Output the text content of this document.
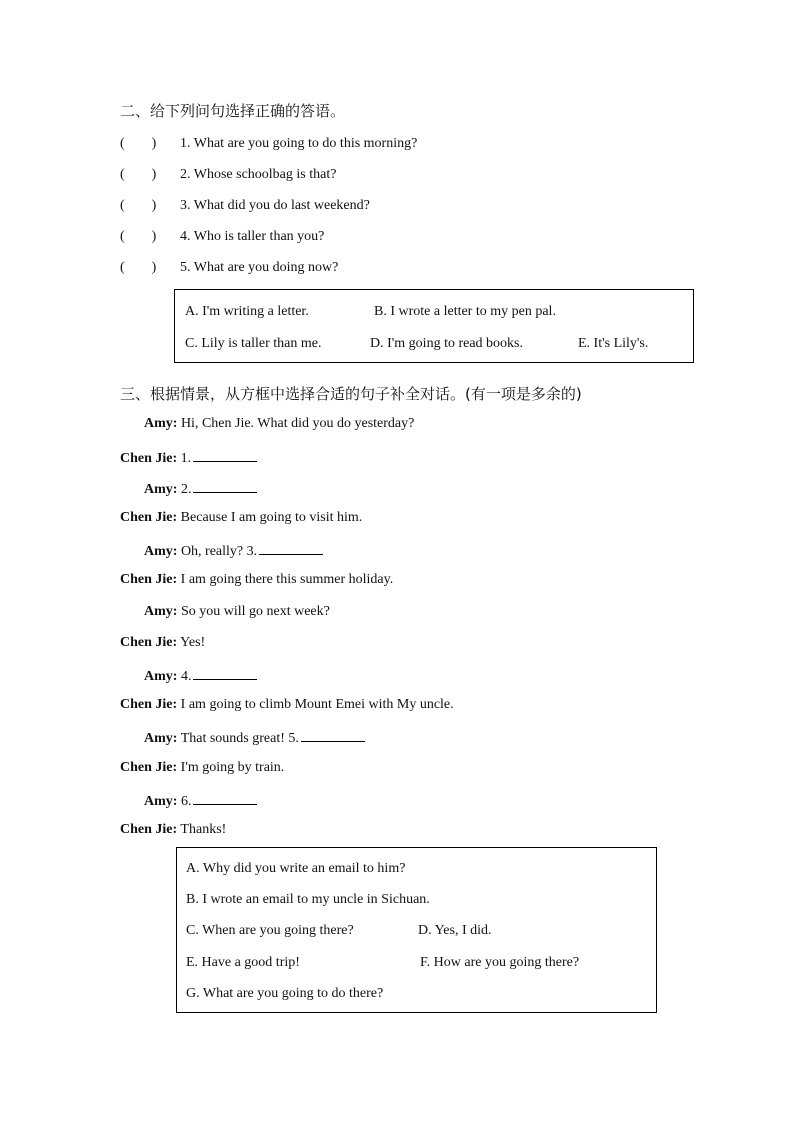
二、给下列问句选择正确的答语。
( ) 1. What are you going to do this morning?
( ) 2. Whose schoolbag is that?
( ) 3. What did you do last weekend?
( ) 4. Who is taller than you?
( ) 5. What are you doing now?
A. I'm writing a letter.	B. I wrote a letter to my pen pal.
C. Lily is taller than me.	D. I'm going to read books.	E. It's Lily's.
三、根据情景，从方框中选择合适的句子补全对话。(有一项是多余的)
Amy: Hi, Chen Jie. What did you do yesterday?
Chen Jie: 1.
Amy: 2.
Chen Jie: Because I am going to visit him.
Amy: Oh, really? 3.
Chen Jie: I am going there this summer holiday.
Amy: So you will go next week?
Chen Jie: Yes!
Amy: 4.
Chen Jie: I am going to climb Mount Emei with My uncle.
Amy: That sounds great! 5.
Chen Jie: I'm going by train.
Amy: 6.
Chen Jie: Thanks!
A. Why did you write an email to him?
B. I wrote an email to my uncle in Sichuan.
C. When are you going there?	D. Yes, I did.
E. Have a good trip!	F. How are you going there?
G. What are you going to do there?
